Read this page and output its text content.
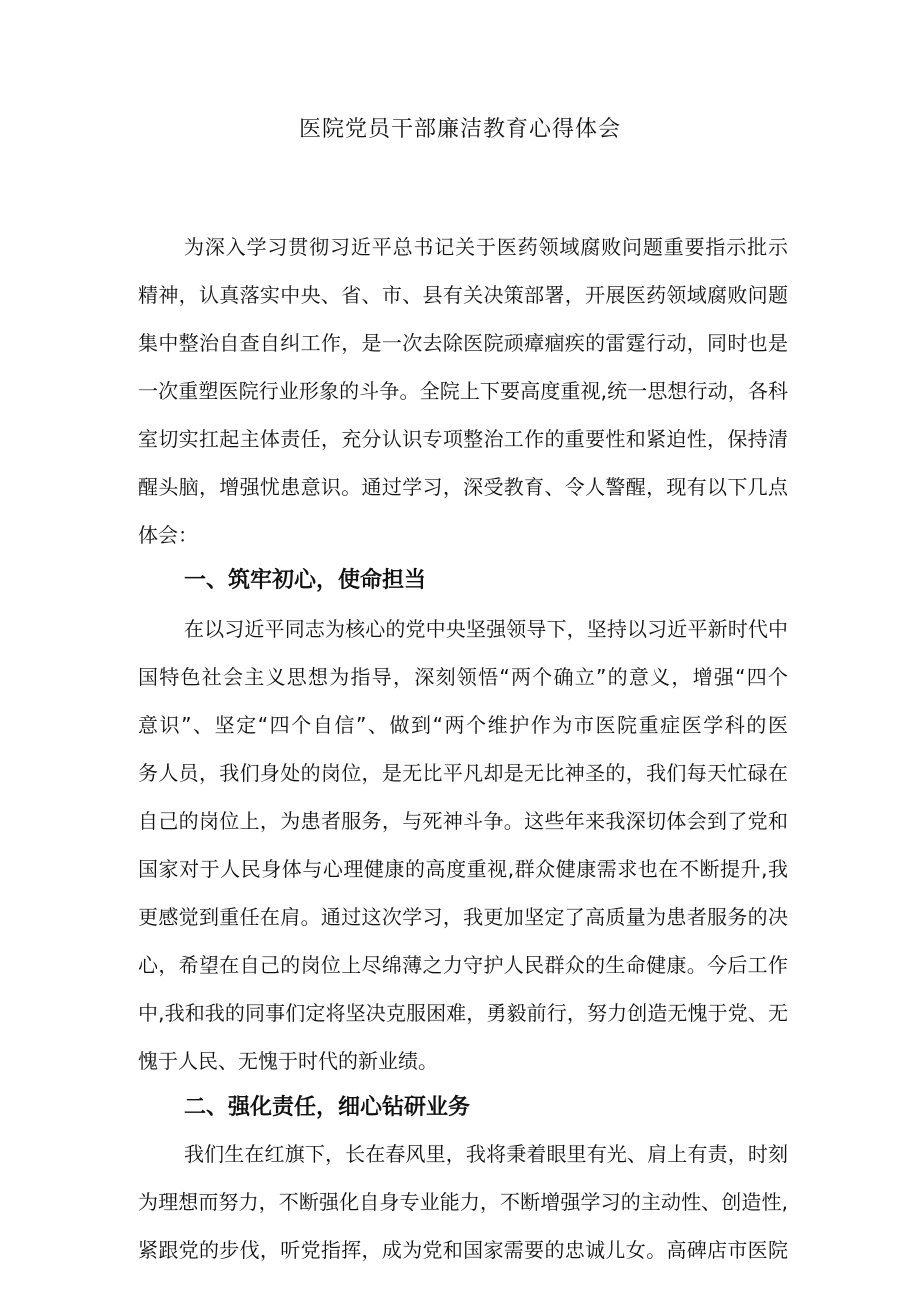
医院党员干部廉洁教育心得体会

为深入学习贯彻习近平总书记关于医药领域腐败问题重要指示批示

精神，认真落实中央、省、市、县有关决策部署，开展医药领域腐败问题

集中整治自查自纠工作，是一次去除医院顽瘴痼疾的雷霆行动，同时也是

一次重塑医院行业形象的斗争。全院上下要高度重视,统一思想行动，各科

室切实扛起主体责任，充分认识专项整治工作的重要性和紧迫性，保持清

醒头脑，增强忧患意识。通过学习，深受教育、令人警醒，现有以下几点

体会：

一、筑牢初心，使命担当

在以习近平同志为核心的党中央坚强领导下，坚持以习近平新时代中

国特色社会主义思想为指导，深刻领悟“两个确立”的意义，增强“四个

意识”、坚定“四个自信”、做到“两个维护作为市医院重症医学科的医

务人员，我们身处的岗位，是无比平凡却是无比神圣的，我们每天忙碌在

自己的岗位上，为患者服务，与死神斗争。这些年来我深切体会到了党和

国家对于人民身体与心理健康的高度重视,群众健康需求也在不断提升,我

更感觉到重任在肩。通过这次学习，我更加坚定了高质量为患者服务的决

心，希望在自己的岗位上尽绵薄之力守护人民群众的生命健康。今后工作

中,我和我的同事们定将坚决克服困难，勇毅前行，努力创造无愧于党、无

愧于人民、无愧于时代的新业绩。

二、强化责任，细心钻研业务

我们生在红旗下，长在春风里，我将秉着眼里有光、肩上有责，时刻

为理想而努力，不断强化自身专业能力，不断增强学习的主动性、创造性,

紧跟党的步伐，听党指挥，成为党和国家需要的忠诚儿女。高碑店市医院
